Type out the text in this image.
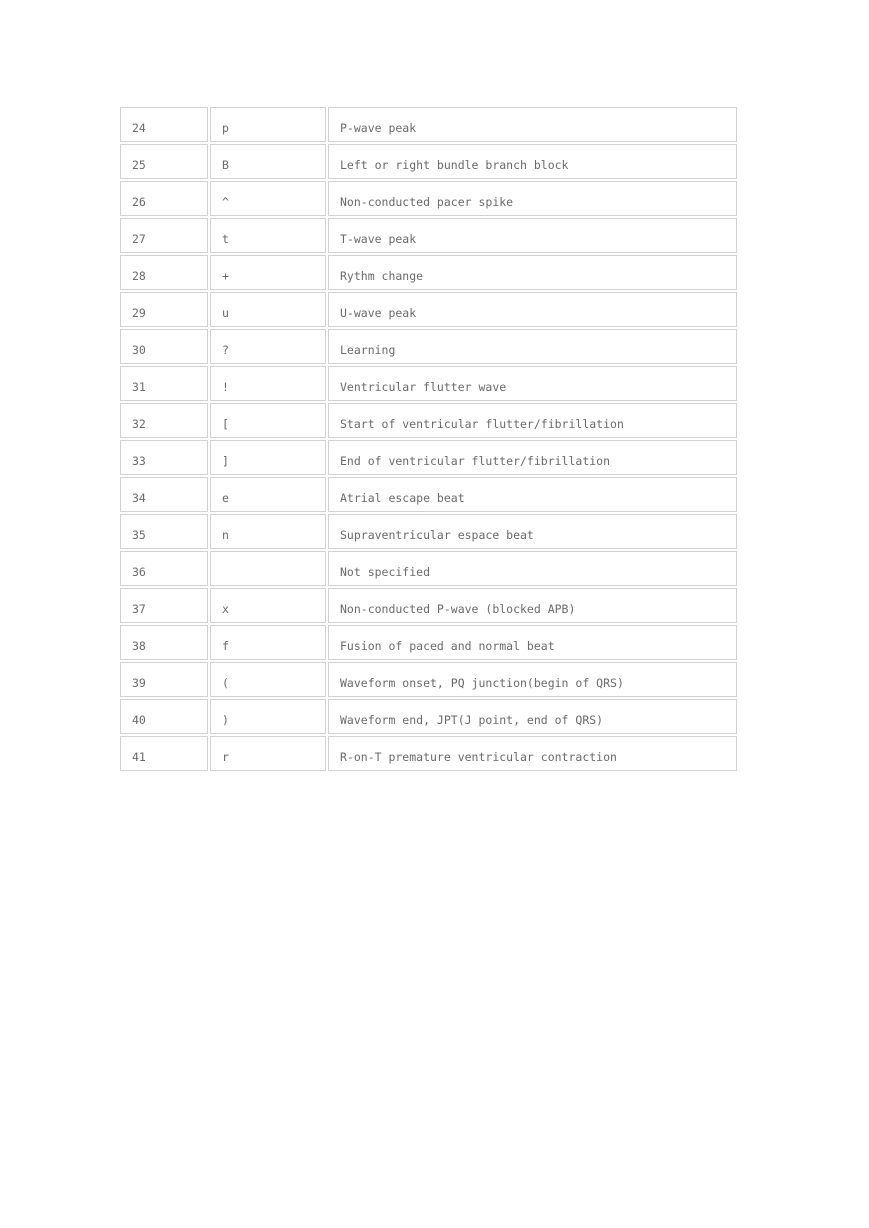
24	p	P-wave peak
25	B	Left or right bundle branch block
26	^	Non-conducted pacer spike
27	t	T-wave peak
28	+	Rythm change
29	u	U-wave peak
30	?	Learning
31	!	Ventricular flutter wave
32	[	Start of ventricular flutter/fibrillation
33	]	End of ventricular flutter/fibrillation
34	e	Atrial escape beat
35	n	Supraventricular espace beat
36		Not specified
37	x	Non-conducted P-wave (blocked APB)
38	f	Fusion of paced and normal beat
39	(	Waveform onset, PQ junction(begin of QRS)
40	)	Waveform end, JPT(J point, end of QRS)
41	r	R-on-T premature ventricular contraction
